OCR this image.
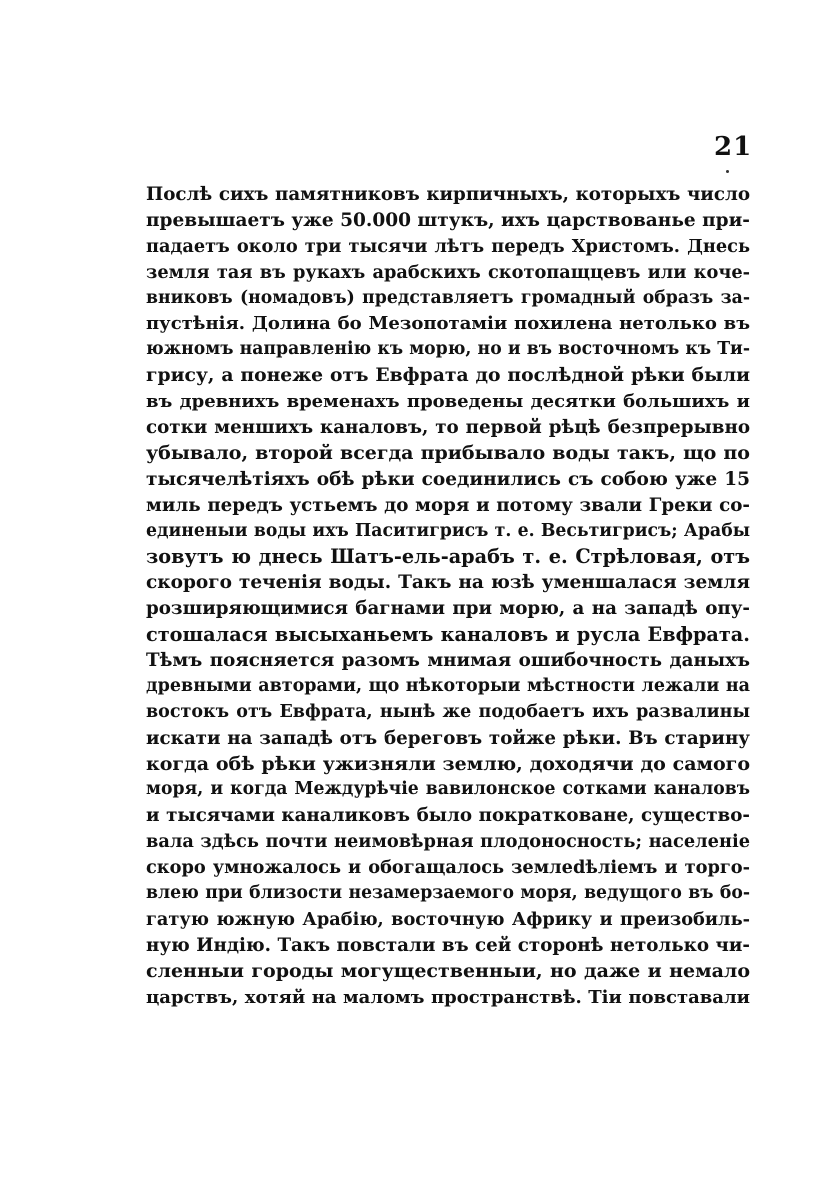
21
Послѣ сихъ памятниковъ кирпичныхъ, которыхъ число
превышаетъ уже 50.000 штукъ, ихъ царствованье при-
падаетъ около три тысячи лѣтъ передъ Христомъ. Днесь
земля тая въ рукахъ арабскихъ скотопащцевъ или коче-
вниковъ (номадовъ) представляетъ громадный образъ за-
пустѣнія. Долина бо Мезопотаміи похилена нетолько въ
южномъ направленію къ морю, но и въ восточномъ къ Ти-
грису, а понеже отъ Евфрата до послѣдной рѣки были
въ древнихъ временахъ проведены десятки большихъ и
сотки меншихъ каналовъ, то первой рѣцѣ безпрерывно
убывало, второй всегда прибывало воды такъ, що по
тысячелѣтіяхъ обѣ рѣки соединились съ собою уже 15
миль передъ устьемъ до моря и потому звали Греки со-
единеныи воды ихъ Паситигрисъ т. е. Весьтигрисъ; Арабы
зовутъ ю днесь Шатъ-ель-арабъ т. е. Стрѣловая, отъ
скорого теченія воды. Такъ на юзѣ уменшалася земля
розширяющимися багнами при морю, а на западѣ опу-
стошалася высыханьемъ каналовъ и русла Евфрата.
Тѣмъ поясняется разомъ мнимая ошибочность даныхъ
древными авторами, що нѣкоторыи мѣстности лежали на
востокъ отъ Евфрата, нынѣ же подобаетъ ихъ развалины
искати на западѣ отъ береговъ тойже рѣки. Въ старину
когда обѣ рѣки ужизняли землю, доходячи до самого
моря, и когда Междурѣчіе вавилонское сотками каналовъ
и тысячами каналиковъ было пократковане, существо-
вала здѣсь почти неимовѣрная плодоносность; населеніе
скоро умножалось и обогащалось землedѣліемъ и торго-
влею при близости незамерзаемого моря, ведущого въ бо-
гатую южную Арабію, восточную Африку и преизобиль-
ную Индію. Такъ повстали въ сей сторонѣ нетолько чи-
сленныи городы могущественныи, но даже и немало
царствъ, хотяй на маломъ пространствѣ. Тіи повставали
